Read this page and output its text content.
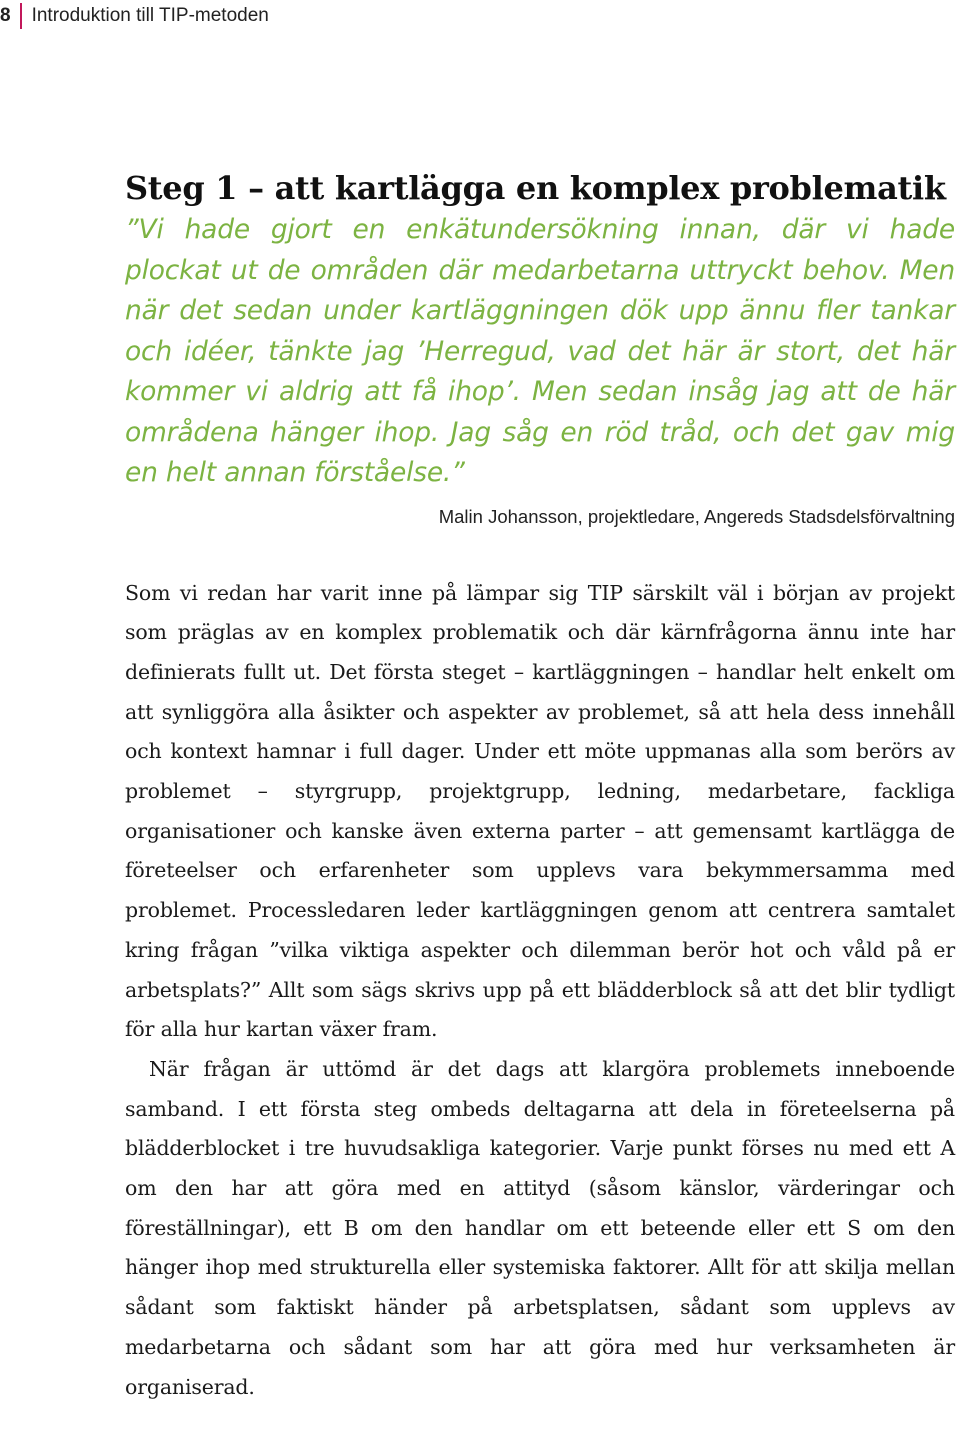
8	Introduktion till TIP-metoden
Steg 1 – att kartlägga en komplex problematik

”Vi hade gjort en enkätundersökning innan, där vi hade plockat ut de områden där medarbetarna uttryckt behov. Men när det sedan under kartläggningen dök upp ännu fler tankar och idéer, tänkte jag ’Herregud, vad det här är stort, det här kommer vi aldrig att få ihop’. Men sedan insåg jag att de här områdena hänger ihop. Jag såg en röd tråd, och det gav mig en helt annan förståelse.”

Malin Johansson, projektledare, Angereds Stadsdelsförvaltning

Som vi redan har varit inne på lämpar sig TIP särskilt väl i början av projekt som präglas av en komplex problematik och där kärnfrågorna ännu inte har definierats fullt ut. Det första steget – kartläggningen – handlar helt enkelt om att synliggöra alla åsikter och aspekter av problemet, så att hela dess innehåll och kontext hamnar i full dager. Under ett möte uppmanas alla som berörs av problemet – styrgrupp, projektgrupp, ledning, medarbetare, fackliga organisationer och kanske även externa parter – att gemensamt kartlägga de företeelser och erfarenheter som upplevs vara bekymmersamma med problemet. Processledaren leder kartläggningen genom att centrera samtalet kring frågan ”vilka viktiga aspekter och dilemman berör hot och våld på er arbetsplats?” Allt som sägs skrivs upp på ett blädderblock så att det blir tydligt för alla hur kartan växer fram.

När frågan är uttömd är det dags att klargöra problemets inneboende samband. I ett första steg ombeds deltagarna att dela in företeelserna på blädderblocket i tre huvudsakliga kategorier. Varje punkt förses nu med ett A om den har att göra med en attityd (såsom känslor, värderingar och föreställningar), ett B om den handlar om ett beteende eller ett S om den hänger ihop med strukturella eller systemiska faktorer. Allt för att skilja mellan sådant som faktiskt händer på arbetsplatsen, sådant som upplevs av medarbetarna och sådant som har att göra med hur verksamheten är organiserad.
